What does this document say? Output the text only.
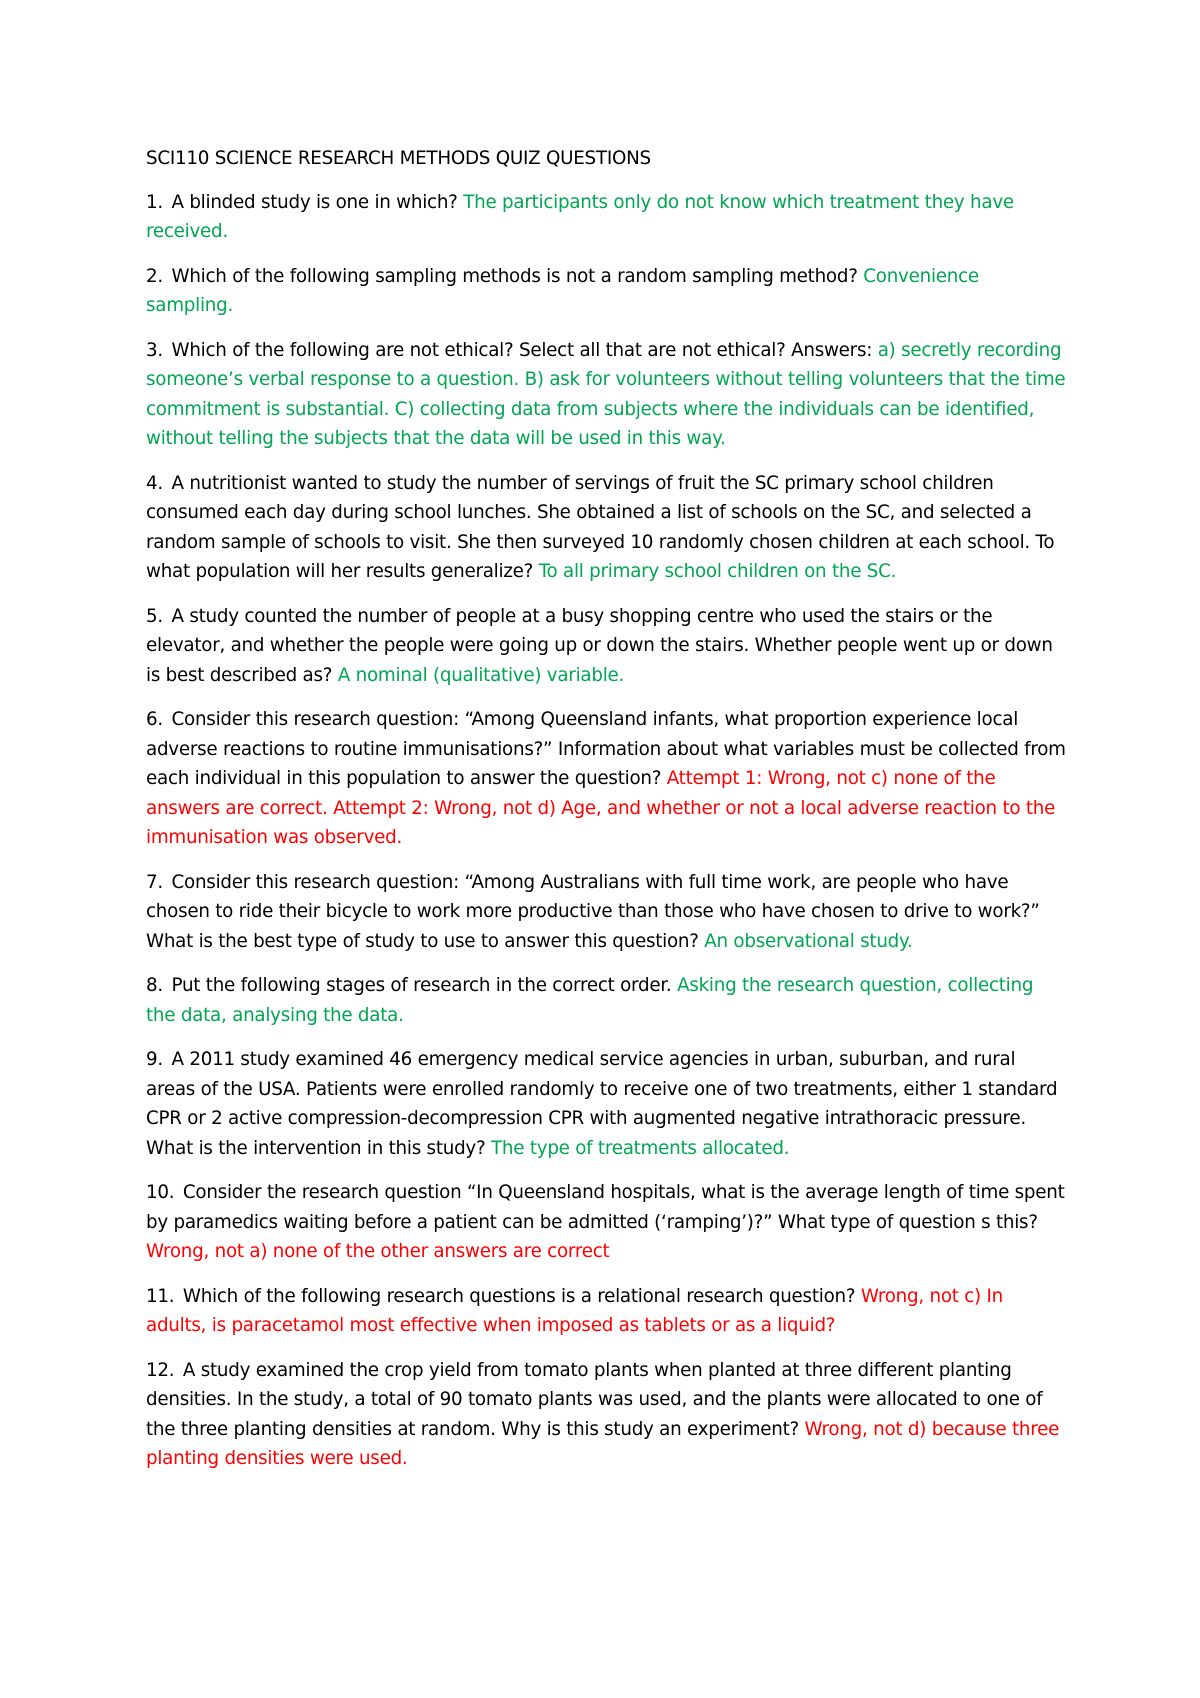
SCI110 SCIENCE RESEARCH METHODS QUIZ QUESTIONS

1. A blinded study is one in which? The participants only do not know which treatment they have received.

2. Which of the following sampling methods is not a random sampling method? Convenience sampling.

3. Which of the following are not ethical? Select all that are not ethical? Answers: a) secretly recording someone’s verbal response to a question. B) ask for volunteers without telling volunteers that the time commitment is substantial. C) collecting data from subjects where the individuals can be identified, without telling the subjects that the data will be used in this way.

4. A nutritionist wanted to study the number of servings of fruit the SC primary school children consumed each day during school lunches. She obtained a list of schools on the SC, and selected a random sample of schools to visit. She then surveyed 10 randomly chosen children at each school. To what population will her results generalize? To all primary school children on the SC.

5. A study counted the number of people at a busy shopping centre who used the stairs or the elevator, and whether the people were going up or down the stairs. Whether people went up or down is best described as? A nominal (qualitative) variable.

6. Consider this research question: “Among Queensland infants, what proportion experience local adverse reactions to routine immunisations?” Information about what variables must be collected from each individual in this population to answer the question? Attempt 1: Wrong, not c) none of the answers are correct. Attempt 2: Wrong, not d) Age, and whether or not a local adverse reaction to the immunisation was observed.

7. Consider this research question: “Among Australians with full time work, are people who have chosen to ride their bicycle to work more productive than those who have chosen to drive to work?” What is the best type of study to use to answer this question? An observational study.

8. Put the following stages of research in the correct order. Asking the research question, collecting the data, analysing the data.

9. A 2011 study examined 46 emergency medical service agencies in urban, suburban, and rural areas of the USA. Patients were enrolled randomly to receive one of two treatments, either 1 standard CPR or 2 active compression-decompression CPR with augmented negative intrathoracic pressure. What is the intervention in this study? The type of treatments allocated.

10. Consider the research question “In Queensland hospitals, what is the average length of time spent by paramedics waiting before a patient can be admitted (‘ramping’)?” What type of question s this? Wrong, not a) none of the other answers are correct

11. Which of the following research questions is a relational research question? Wrong, not c) In adults, is paracetamol most effective when imposed as tablets or as a liquid?

12. A study examined the crop yield from tomato plants when planted at three different planting densities. In the study, a total of 90 tomato plants was used, and the plants were allocated to one of the three planting densities at random. Why is this study an experiment? Wrong, not d) because three planting densities were used.
